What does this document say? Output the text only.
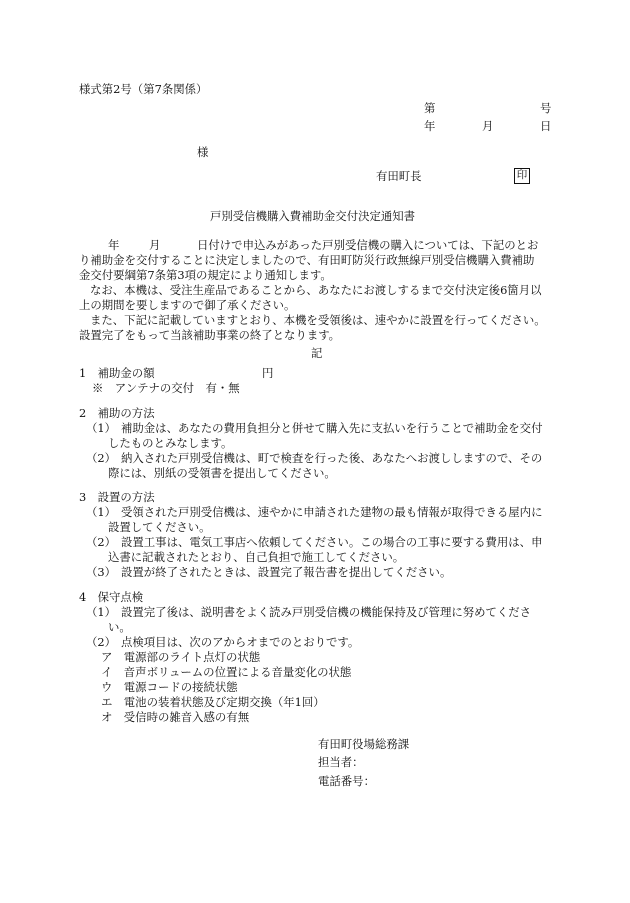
様式第2号（第7条関係）
第	号
年	月	日
様
有田町長	印
戸別受信機購入費補助金交付決定通知書
年	月	日付けで申込みがあった戸別受信機の購入については、下記のとお
り補助金を交付することに決定しましたので、有田町防災行政無線戸別受信機購入費補助
金交付要綱第7条第3項の規定により通知します。
なお、本機は、受注生産品であることから、あなたにお渡しするまで交付決定後6箇月以
上の期間を要しますので御了承ください。
また、下記に記載していますとおり、本機を受領後は、速やかに設置を行ってください。
設置完了をもって当該補助事業の終了となります。
記
1　補助金の額	円
※　アンテナの交付　有・無
2　補助の方法
（1） 補助金は、あなたの費用負担分と併せて購入先に支払いを行うことで補助金を交付
したものとみなします。
（2） 納入された戸別受信機は、町で検査を行った後、あなたへお渡ししますので、その
際には、別紙の受領書を提出してください。
3　設置の方法
（1） 受領された戸別受信機は、速やかに申請された建物の最も情報が取得できる屋内に
設置してください。
（2） 設置工事は、電気工事店へ依頼してください。この場合の工事に要する費用は、申
込書に記載されたとおり、自己負担で施工してください。
（3） 設置が終了されたときは、設置完了報告書を提出してください。
4　保守点検
（1） 設置完了後は、説明書をよく読み戸別受信機の機能保持及び管理に努めてくださ
い。
（2） 点検項目は、次のアからオまでのとおりです。
ア　電源部のライト点灯の状態
イ　音声ボリュームの位置による音量変化の状態
ウ　電源コードの接続状態
エ　電池の装着状態及び定期交換（年1回）
オ　受信時の雑音入感の有無
有田町役場総務課
担当者：
電話番号：
